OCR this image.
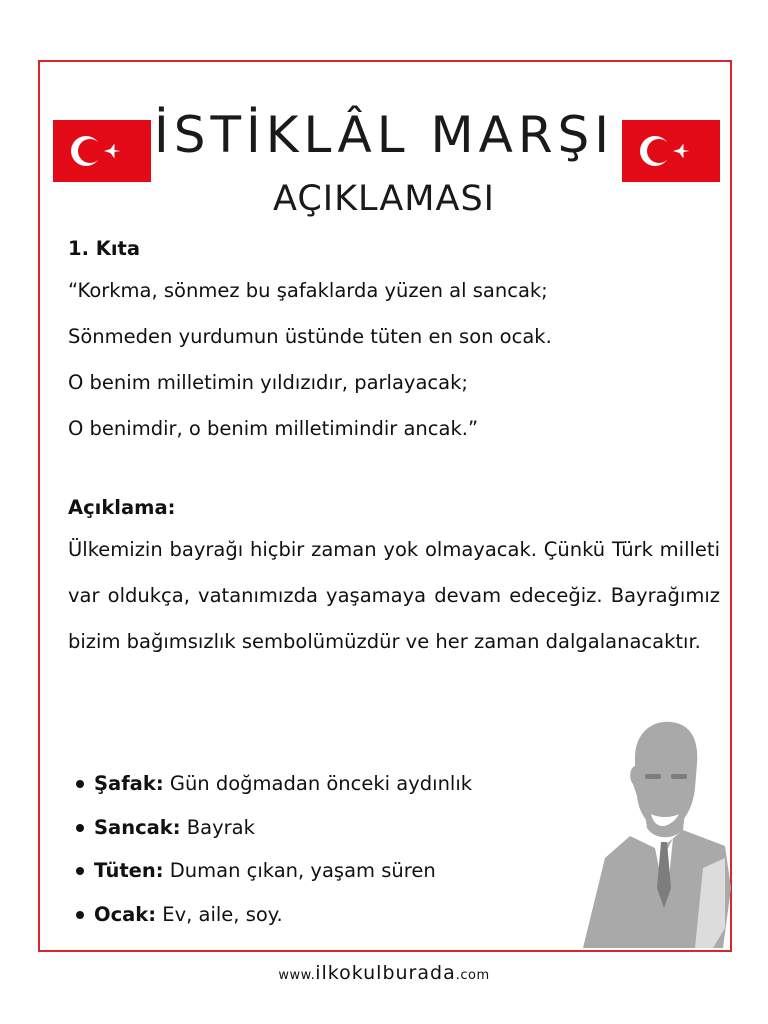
İSTİKLÂL MARŞI
AÇIKLAMASI

1. Kıta

“Korkma, sönmez bu şafaklarda yüzen al sancak;

Sönmeden yurdumun üstünde tüten en son ocak.

O benim milletimin yıldızıdır, parlayacak;

O benimdir, o benim milletimindir ancak.”

Açıklama:

Ülkemizin bayrağı hiçbir zaman yok olmayacak. Çünkü Türk milleti var oldukça, vatanımızda yaşamaya devam edeceğiz. Bayrağımız bizim bağımsızlık sembolümüzdür ve her zaman dalgalanacaktır.

Şafak: Gün doğmadan önceki aydınlık
Sancak: Bayrak
Tüten: Duman çıkan, yaşam süren
Ocak: Ev, aile, soy.
www.ilkokulburada.com
